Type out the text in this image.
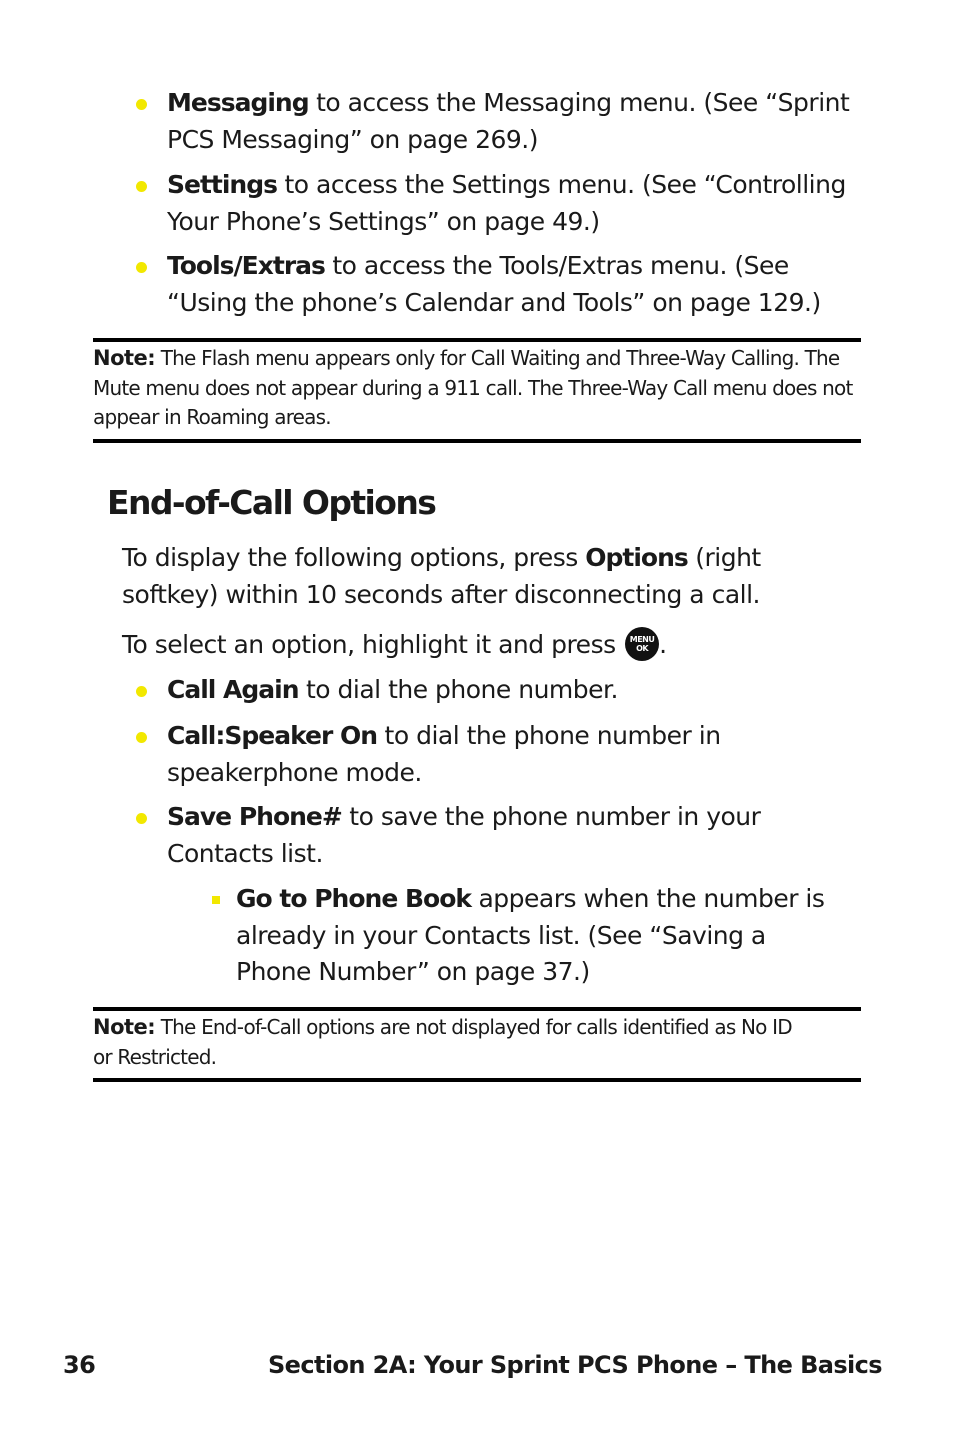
Messaging to access the Messaging menu. (See “Sprint PCS Messaging” on page 269.)
Settings to access the Settings menu. (See “Controlling Your Phone’s Settings” on page 49.)
Tools/Extras to access the Tools/Extras menu. (See “Using the phone’s Calendar and Tools” on page 129.)
Note: The Flash menu appears only for Call Waiting and Three-Way Calling. The Mute menu does not appear during a 911 call. The Three-Way Call menu does not appear in Roaming areas.
End-of-Call Options

To display the following options, press Options (right softkey) within 10 seconds after disconnecting a call.

To select an option, highlight it and press MENU
OK .

Call Again to dial the phone number.
Call:Speaker On to dial the phone number in speakerphone mode.
Save Phone# to save the phone number in your Contacts list.
Go to Phone Book appears when the number is already in your Contacts list. (See “Saving a Phone Number” on page 37.)
Note: The End-of-Call options are not displayed for calls identified as No ID or Restricted.
36	Section 2A: Your Sprint PCS Phone – The Basics
